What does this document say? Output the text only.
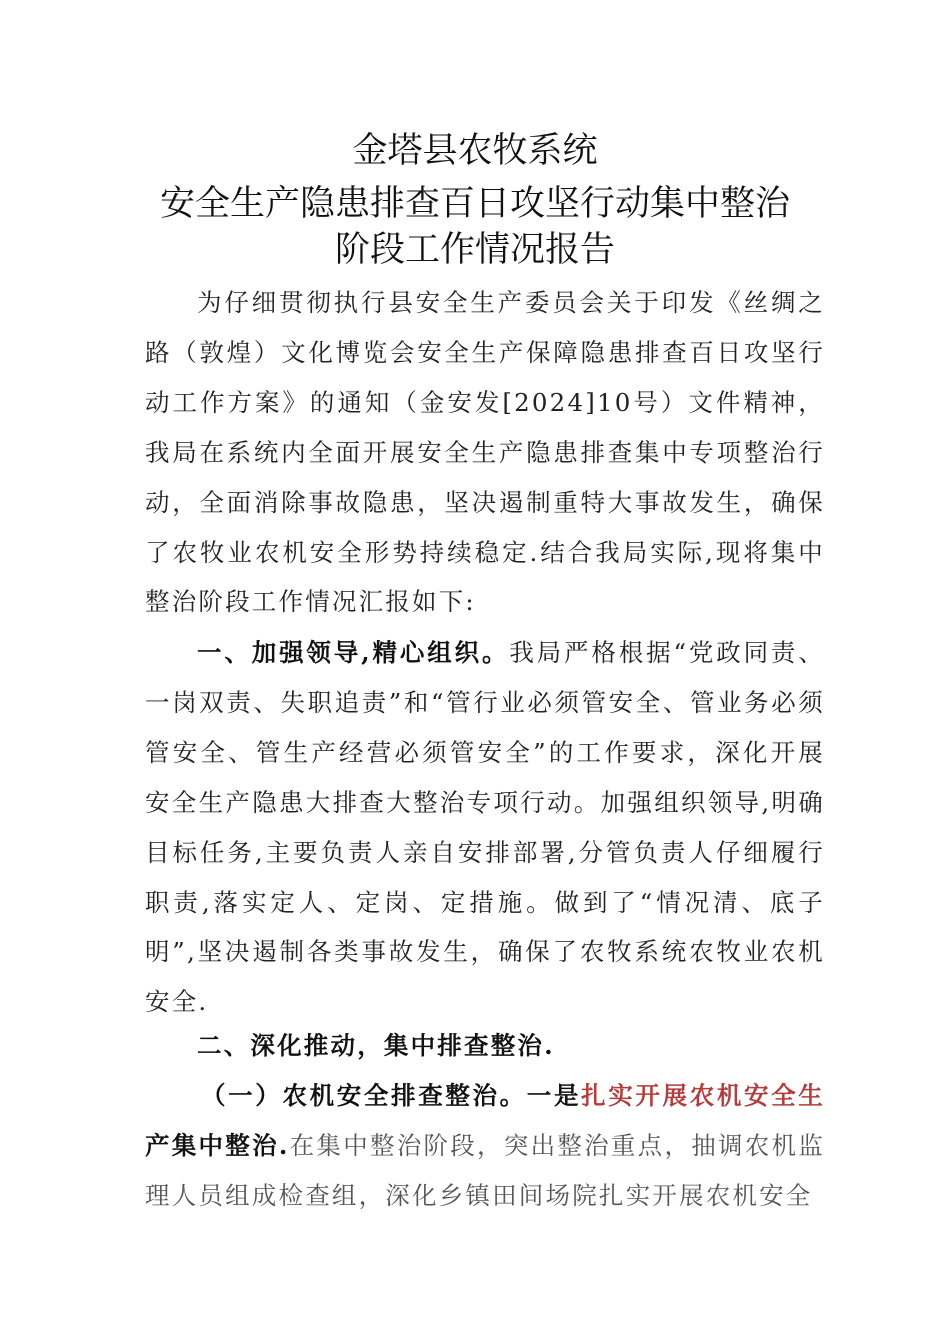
金塔县农牧系统
安全生产隐患排查百日攻坚行动集中整治
阶段工作情况报告
为仔细贯彻执行县安全生产委员会关于印发《丝绸之路（敦煌）文化博览会安全生产保障隐患排查百日攻坚行动工作方案》的通知（金安发[2024]10号）文件精神，我局在系统内全面开展安全生产隐患排查集中专项整治行动，全面消除事故隐患，坚决遏制重特大事故发生，确保了农牧业农机安全形势持续稳定.结合我局实际,现将集中整治阶段工作情况汇报如下:
一、加强领导,精心组织。我局严格根据“党政同责、一岗双责、失职追责”和“管行业必须管安全、管业务必须管安全、管生产经营必须管安全”的工作要求，深化开展安全生产隐患大排查大整治专项行动。加强组织领导,明确目标任务,主要负责人亲自安排部署,分管负责人仔细履行职责,落实定人、定岗、定措施。做到了“情况清、底子明”,坚决遏制各类事故发生，确保了农牧系统农牧业农机安全.
二、深化推动，集中排查整治.
（一）农机安全排查整治。一是扎实开展农机安全生产集中整治.在集中整治阶段，突出整治重点，抽调农机监理人员组成检查组，深化乡镇田间场院扎实开展农机安全
